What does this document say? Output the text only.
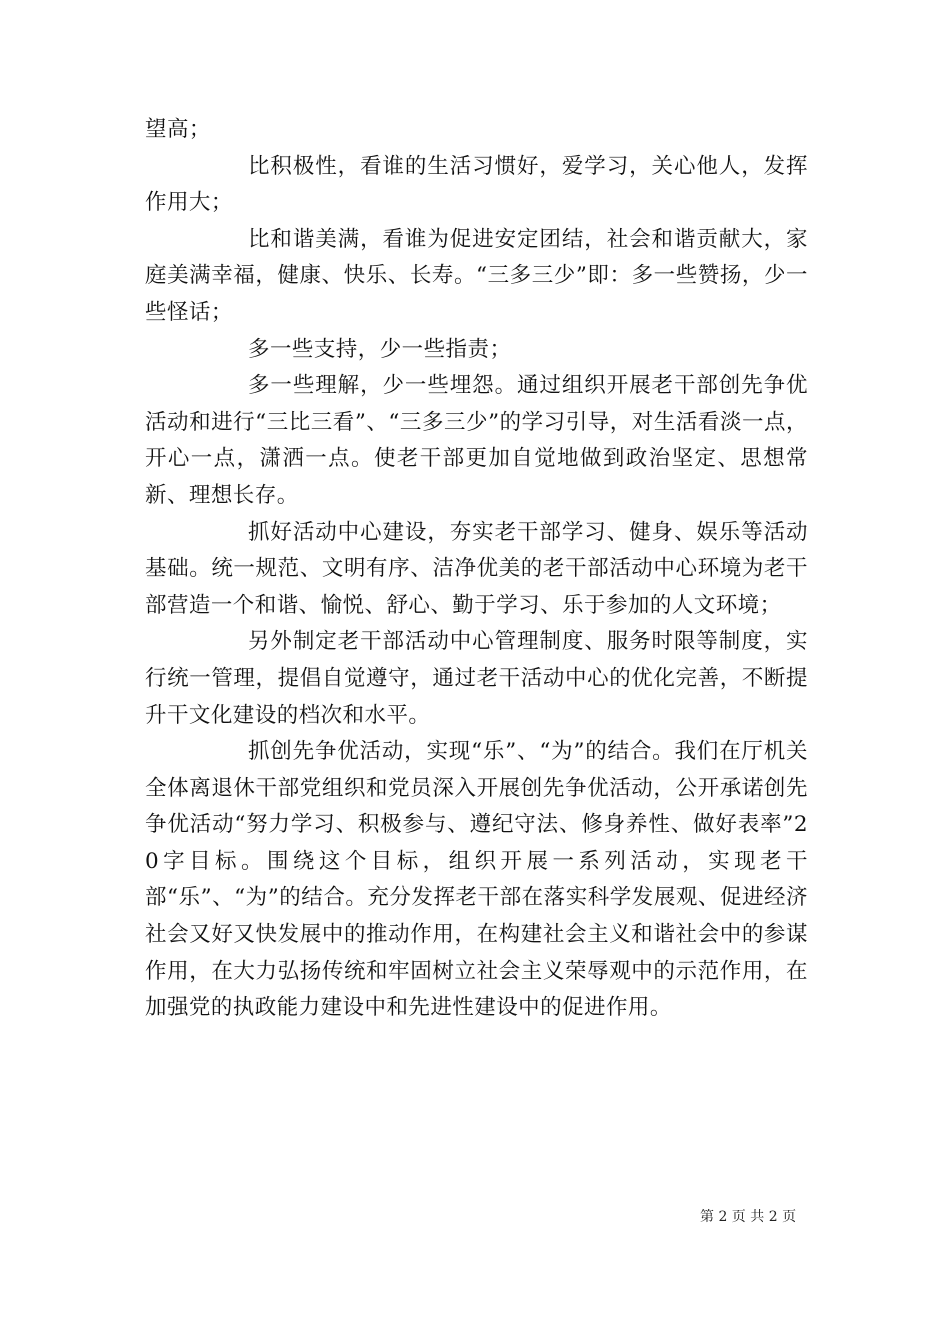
望高；

比积极性，看谁的生活习惯好，爱学习，关心他人，发挥作用大；

比和谐美满，看谁为促进安定团结，社会和谐贡献大，家庭美满幸福，健康、快乐、长寿。“三多三少”即：多一些赞扬，少一些怪话；

多一些支持，少一些指责；

多一些理解，少一些埋怨。通过组织开展老干部创先争优活动和进行“三比三看”、“三多三少”的学习引导，对生活看淡一点，开心一点，潇洒一点。使老干部更加自觉地做到政治坚定、思想常新、理想长存。

抓好活动中心建设，夯实老干部学习、健身、娱乐等活动基础。统一规范、文明有序、洁净优美的老干部活动中心环境为老干部营造一个和谐、愉悦、舒心、勤于学习、乐于参加的人文环境；

另外制定老干部活动中心管理制度、服务时限等制度，实行统一管理，提倡自觉遵守，通过老干活动中心的优化完善，不断提升干文化建设的档次和水平。

抓创先争优活动，实现“乐”、“为”的结合。我们在厅机关全体离退休干部党组织和党员深入开展创先争优活动，公开承诺创先争优活动“努力学习、积极参与、遵纪守法、修身养性、做好表率”20字目标。围绕这个目标，组织开展一系列活动，实现老干部“乐”、“为”的结合。充分发挥老干部在落实科学发展观、促进经济社会又好又快发展中的推动作用，在构建社会主义和谐社会中的参谋作用，在大力弘扬传统和牢固树立社会主义荣辱观中的示范作用，在加强党的执政能力建设中和先进性建设中的促进作用。

第 2 页 共 2 页
